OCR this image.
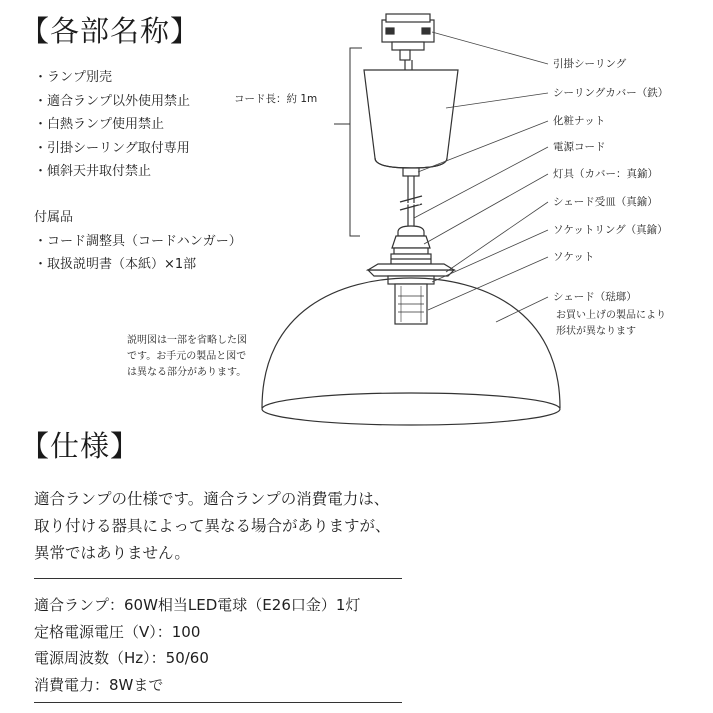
【各部名称】
【仕様】
・ランプ別売
・適合ランプ以外使用禁止
・白熱ランプ使用禁止
・引掛シーリング取付専用
・傾斜天井取付禁止
付属品
・コード調整具（コードハンガー）
・取扱説明書（本紙）×1部
コード長：約 1m
引掛シーリング
シーリングカバー（鉄）
化粧ナット
電源コード
灯具（カバー：真鍮）
シェード受皿（真鍮）
ソケットリング（真鍮）
ソケット
シェード（琺瑯）
お買い上げの製品により
形状が異なります
説明図は一部を省略した図
です。お手元の製品と図で
は異なる部分があります。
適合ランプの仕様です。適合ランプの消費電力は、
取り付ける器具によって異なる場合がありますが、
異常ではありません。
適合ランプ：60W相当LED電球（E26口金）1灯
定格電源電圧（V）：100
電源周波数（Hz）：50/60
消費電力：8Wまで
